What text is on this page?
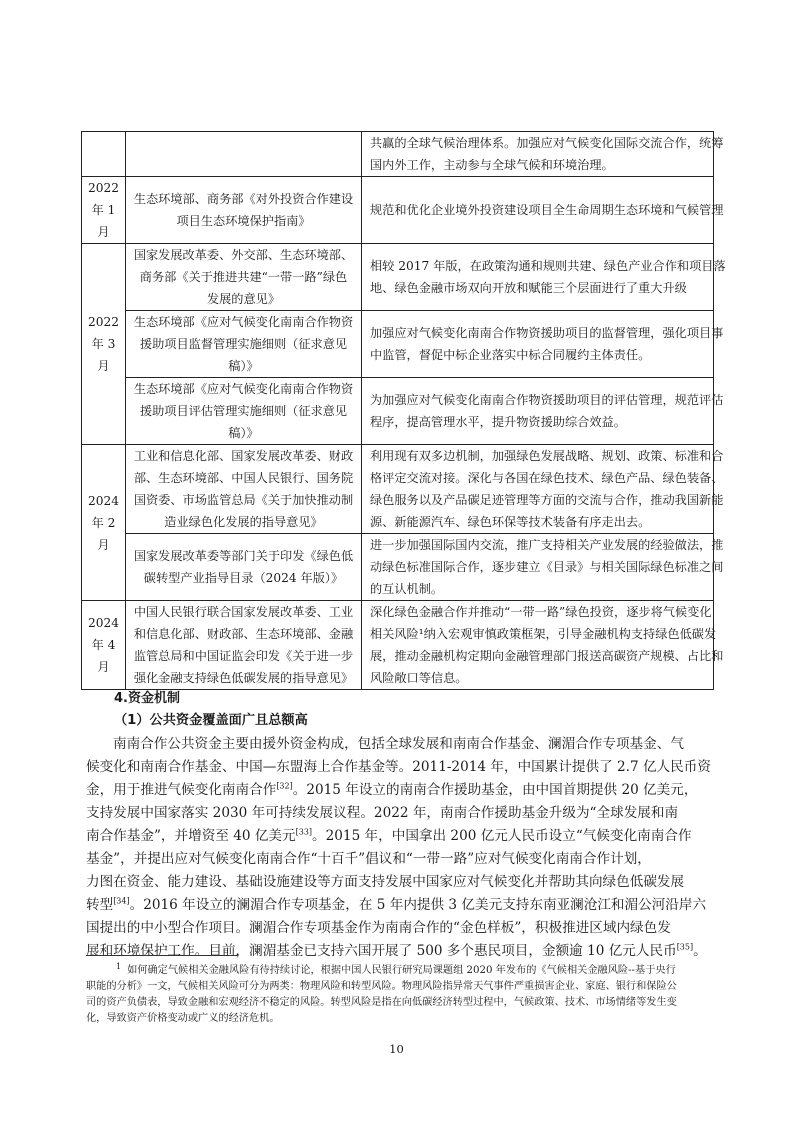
		共赢的全球气候治理体系。加强应对气候变化国际交流合作，统筹
国内外工作，主动参与全球气候和环境治理。

2022
年 1
月	生态环境部、商务部《对外投资合作建设
项目生态环境保护指南》	规范和优化企业境外投资建设项目全生命周期生态环境和气候管理

2022
年 3
月	国家发展改革委、外交部、生态环境部、
商务部《关于推进共建“一带一路”绿色
发展的意见》	相较 2017 年版，在政策沟通和规则共建、绿色产业合作和项目落
地、绿色金融市场双向开放和赋能三个层面进行了重大升级

	生态环境部《应对气候变化南南合作物资
援助项目监督管理实施细则（征求意见
稿）》	加强应对气候变化南南合作物资援助项目的监督管理，强化项目事
中监管，督促中标企业落实中标合同履约主体责任。

	生态环境部《应对气候变化南南合作物资
援助项目评估管理实施细则（征求意见
稿）》	为加强应对气候变化南南合作物资援助项目的评估管理，规范评估
程序，提高管理水平，提升物资援助综合效益。

2024
年 2
月	工业和信息化部、国家发展改革委、财政
部、生态环境部、中国人民银行、国务院
国资委、市场监管总局《关于加快推动制
造业绿色化发展的指导意见》	利用现有双多边机制，加强绿色发展战略、规划、政策、标准和合
格评定交流对接。深化与各国在绿色技术、绿色产品、绿色装备、
绿色服务以及产品碳足迹管理等方面的交流与合作，推动我国新能
源、新能源汽车、绿色环保等技术装备有序走出去。

	国家发展改革委等部门关于印发《绿色低
碳转型产业指导目录（2024 年版）》	进一步加强国际国内交流，推广支持相关产业发展的经验做法，推
动绿色标准国际合作，逐步建立《目录》与相关国际绿色标准之间
的互认机制。

2024
年 4
月	中国人民银行联合国家发展改革委、工业
和信息化部、财政部、生态环境部、金融
监管总局和中国证监会印发《关于进一步
强化金融支持绿色低碳发展的指导意见》	深化绿色金融合作并推动“一带一路”绿色投资，逐步将气候变化
相关风险¹纳入宏观审慎政策框架，引导金融机构支持绿色低碳发
展，推动金融机构定期向金融管理部门报送高碳资产规模、占比和
风险敞口等信息。
4.资金机制
（1）公共资金覆盖面广且总额高
南南合作公共资金主要由援外资金构成，包括全球发展和南南合作基金、澜湄合作专项基金、气
候变化和南南合作基金、中国—东盟海上合作基金等。2011-2014 年，中国累计提供了 2.7 亿人民币资
金，用于推进气候变化南南合作[32]。2015 年设立的南南合作援助基金，由中国首期提供 20 亿美元，
支持发展中国家落实 2030 年可持续发展议程。2022 年，南南合作援助基金升级为“全球发展和南
南合作基金”，并增资至 40 亿美元[33]。2015 年，中国拿出 200 亿元人民币设立“气候变化南南合作
基金”，并提出应对气候变化南南合作“十百千”倡议和“一带一路”应对气候变化南南合作计划，
力图在资金、能力建设、基础设施建设等方面支持发展中国家应对气候变化并帮助其向绿色低碳发展
转型[34]。2016 年设立的澜湄合作专项基金，在 5 年内提供 3 亿美元支持东南亚澜沧江和湄公河沿岸六
国提出的中小型合作项目。澜湄合作专项基金作为南南合作的“金色样板”，积极推进区域内绿色发
展和环境保护工作。目前，澜湄基金已支持六国开展了 500 多个惠民项目，金额逾 10 亿元人民币[35]。
$^1$ 如何确定气候相关金融风险有待持续讨论，根据中国人民银行研究局课题组 2020 年发布的《气候相关金融风险--基于央行
职能的分析》一文，气候相关风险可分为两类：物理风险和转型风险。物理风险指异常天气事件严重损害企业、家庭、银行和保险公
司的资产负债表，导致金融和宏观经济不稳定的风险。转型风险是指在向低碳经济转型过程中，气候政策、技术、市场情绪等发生变
化，导致资产价格变动或广义的经济危机。
10
